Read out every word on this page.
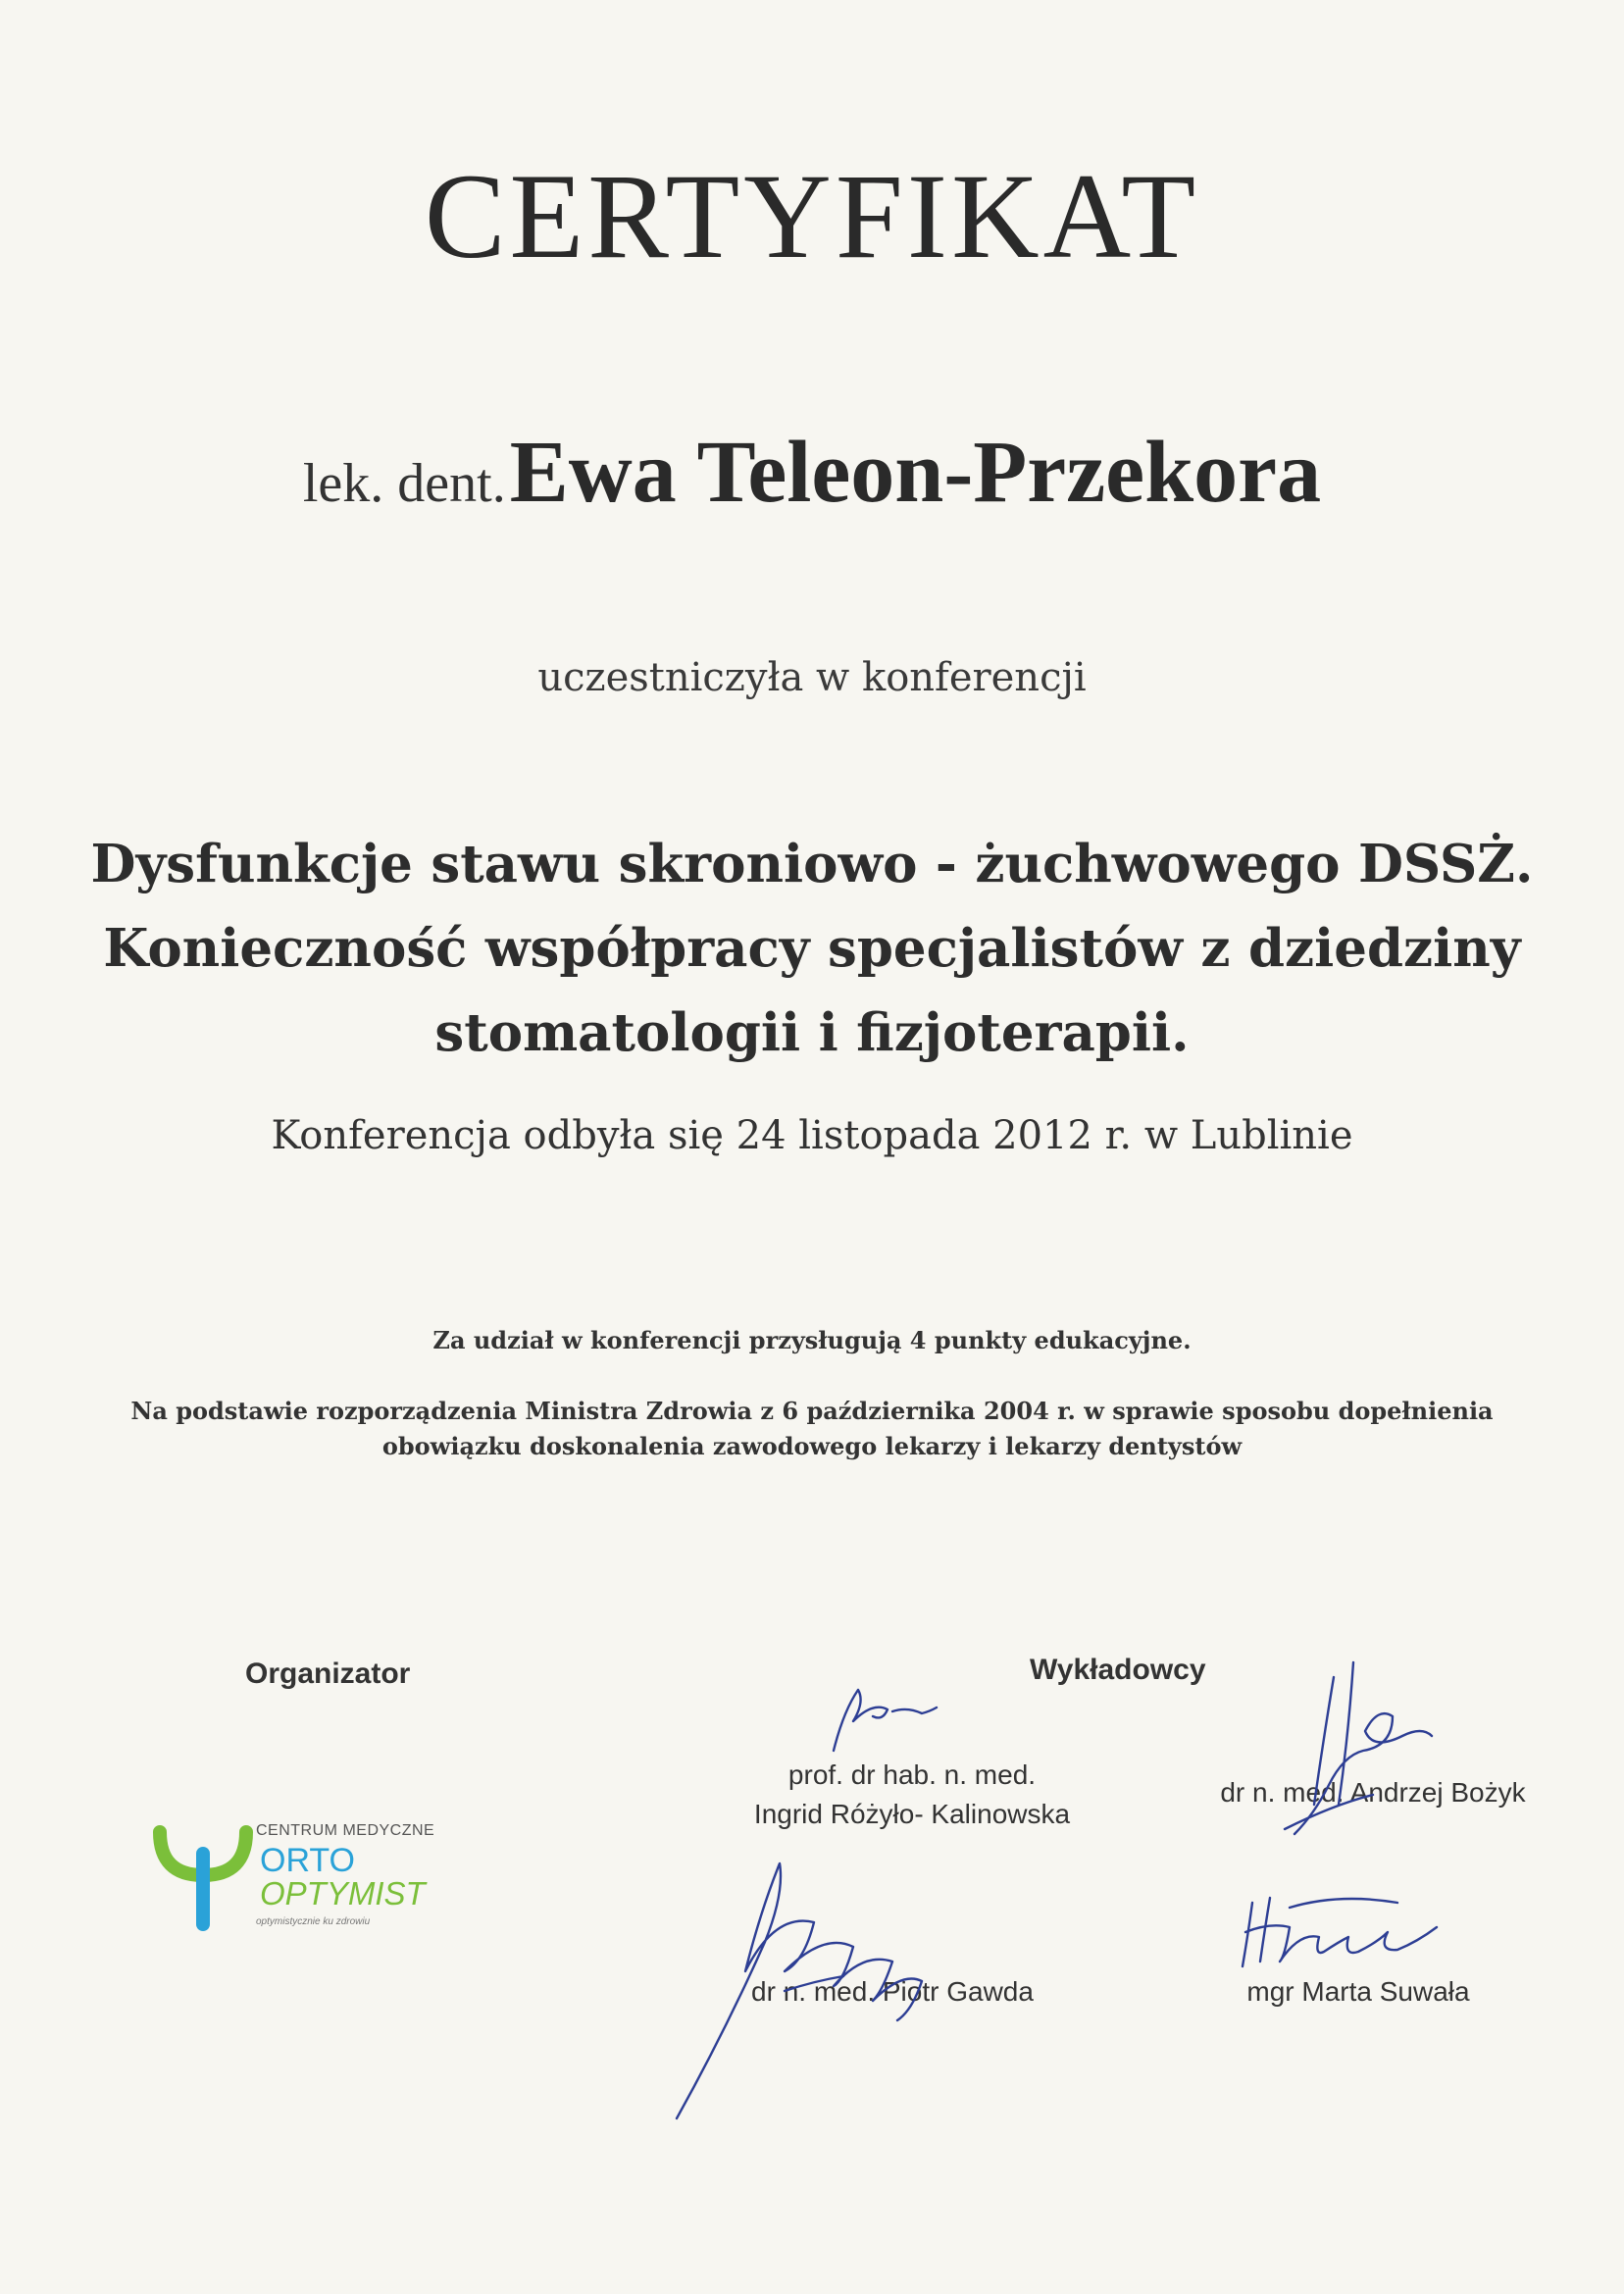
CERTYFIKAT
lek. dent. Ewa Teleon-Przekora
uczestniczyła w konferencji
Dysfunkcje stawu skroniowo - żuchwowego DSSŻ.
Konieczność współpracy specjalistów z dziedziny
stomatologii i fizjoterapii.
Konferencja odbyła się 24 listopada 2012 r. w Lublinie
Za udział w konferencji przysługują 4 punkty edukacyjne.
Na podstawie rozporządzenia Ministra Zdrowia z 6 października 2004 r. w sprawie sposobu dopełnienia
obowiązku doskonalenia zawodowego lekarzy i lekarzy dentystów
Organizator
CENTRUM MEDYCZNE
ORTO
OPTYMIST
optymistycznie ku zdrowiu
Wykładowcy
prof. dr hab. n. med.
Ingrid Różyło- Kalinowska
dr n. med. Andrzej Bożyk
dr n. med. Piotr Gawda	mgr Marta Suwała
